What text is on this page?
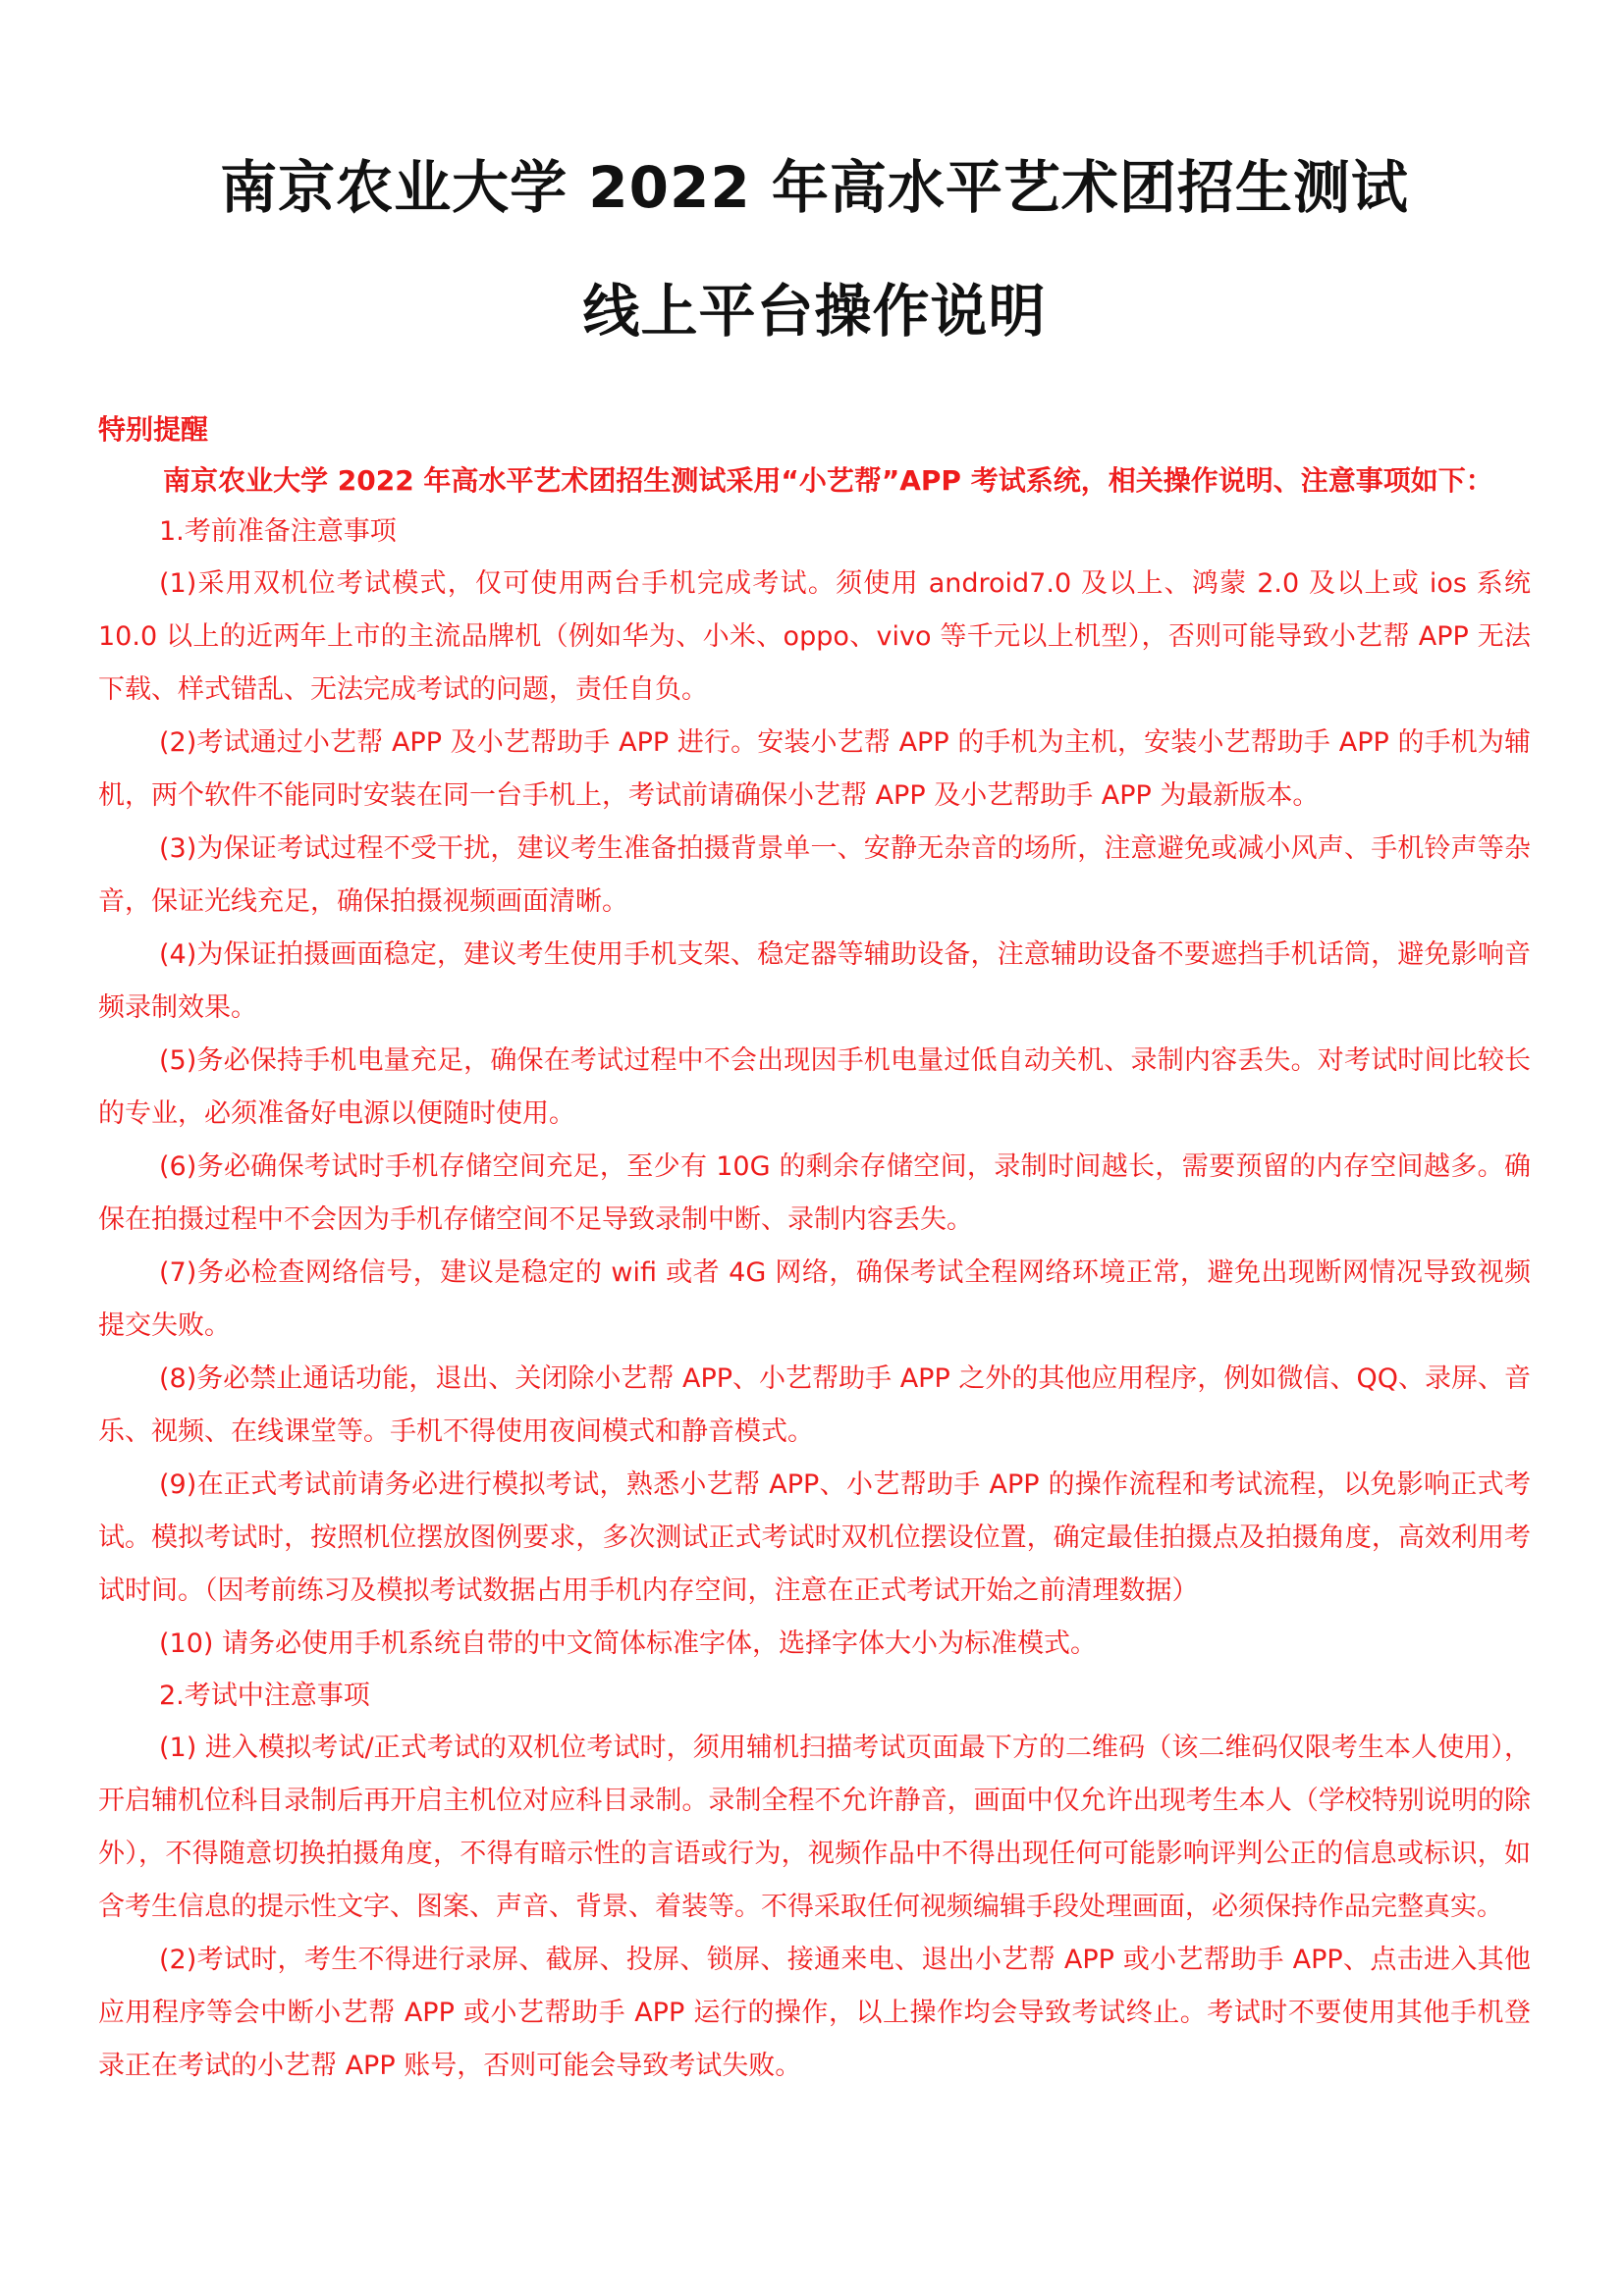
南京农业大学 2022 年高水平艺术团招生测试
线上平台操作说明
特别提醒

南京农业大学 2022 年高水平艺术团招生测试采用“小艺帮”APP 考试系统，相关操作说明、注意事项如下：

1.考前准备注意事项

(1)采用双机位考试模式，仅可使用两台手机完成考试。须使用 android7.0 及以上、鸿蒙 2.0 及以上或 ios 系统 10.0 以上的近两年上市的主流品牌机（例如华为、小米、oppo、vivo 等千元以上机型），否则可能导致小艺帮 APP 无法下载、样式错乱、无法完成考试的问题，责任自负。

(2)考试通过小艺帮 APP 及小艺帮助手 APP 进行。安装小艺帮 APP 的手机为主机，安装小艺帮助手 APP 的手机为辅机，两个软件不能同时安装在同一台手机上，考试前请确保小艺帮 APP 及小艺帮助手 APP 为最新版本。

(3)为保证考试过程不受干扰，建议考生准备拍摄背景单一、安静无杂音的场所，注意避免或减小风声、手机铃声等杂音，保证光线充足，确保拍摄视频画面清晰。

(4)为保证拍摄画面稳定，建议考生使用手机支架、稳定器等辅助设备，注意辅助设备不要遮挡手机话筒，避免影响音频录制效果。

(5)务必保持手机电量充足，确保在考试过程中不会出现因手机电量过低自动关机、录制内容丢失。对考试时间比较长的专业，必须准备好电源以便随时使用。

(6)务必确保考试时手机存储空间充足，至少有 10G 的剩余存储空间，录制时间越长，需要预留的内存空间越多。确保在拍摄过程中不会因为手机存储空间不足导致录制中断、录制内容丢失。

(7)务必检查网络信号，建议是稳定的 wifi 或者 4G 网络，确保考试全程网络环境正常，避免出现断网情况导致视频提交失败。

(8)务必禁止通话功能，退出、关闭除小艺帮 APP、小艺帮助手 APP 之外的其他应用程序，例如微信、QQ、录屏、音乐、视频、在线课堂等。手机不得使用夜间模式和静音模式。

(9)在正式考试前请务必进行模拟考试，熟悉小艺帮 APP、小艺帮助手 APP 的操作流程和考试流程，以免影响正式考试。模拟考试时，按照机位摆放图例要求，多次测试正式考试时双机位摆设位置，确定最佳拍摄点及拍摄角度，高效利用考试时间。（因考前练习及模拟考试数据占用手机内存空间，注意在正式考试开始之前清理数据）

(10) 请务必使用手机系统自带的中文简体标准字体，选择字体大小为标准模式。

2.考试中注意事项

(1) 进入模拟考试/正式考试的双机位考试时，须用辅机扫描考试页面最下方的二维码（该二维码仅限考生本人使用），开启辅机位科目录制后再开启主机位对应科目录制。录制全程不允许静音，画面中仅允许出现考生本人（学校特别说明的除外），不得随意切换拍摄角度，不得有暗示性的言语或行为，视频作品中不得出现任何可能影响评判公正的信息或标识，如含考生信息的提示性文字、图案、声音、背景、着装等。不得采取任何视频编辑手段处理画面，必须保持作品完整真实。

(2)考试时，考生不得进行录屏、截屏、投屏、锁屏、接通来电、退出小艺帮 APP 或小艺帮助手 APP、点击进入其他应用程序等会中断小艺帮 APP 或小艺帮助手 APP 运行的操作，以上操作均会导致考试终止。考试时不要使用其他手机登录正在考试的小艺帮 APP 账号，否则可能会导致考试失败。
